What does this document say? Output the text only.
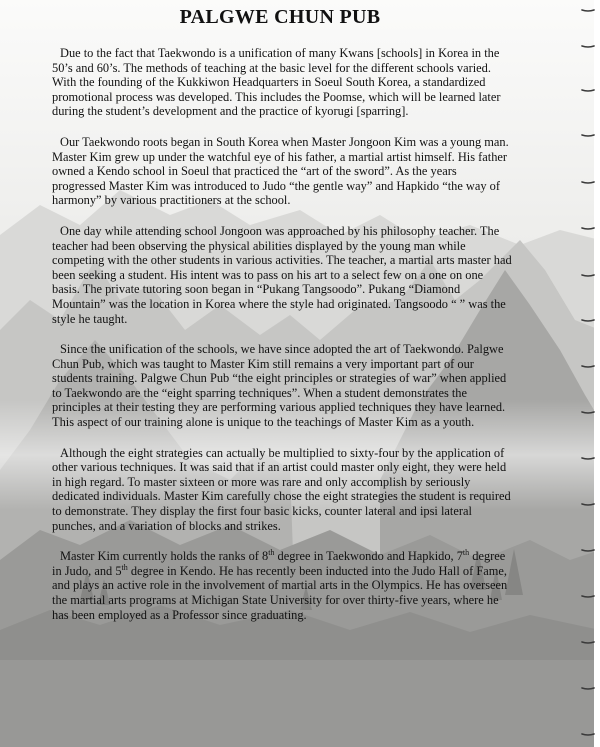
PALGWE CHUN PUB

Due to the fact that Taekwondo is a unification of many Kwans [schools] in Korea in the 50’s and 60’s. The methods of teaching at the basic level for the different schools varied. With the founding of the Kukkiwon Headquarters in Soeul South Korea, a standardized promotional process was developed. This includes the Poomse, which will be learned later during the student’s development and the practice of kyorugi [sparring].

Our Taekwondo roots began in South Korea when Master Jongoon Kim was a young man. Master Kim grew up under the watchful eye of his father, a martial artist himself. His father owned a Kendo school in Soeul that practiced the “art of the sword”. As the years progressed Master Kim was introduced to Judo “the gentle way” and Hapkido “the way of harmony” by various practitioners at the school.

One day while attending school Jongoon was approached by his philosophy teacher. The teacher had been observing the physical abilities displayed by the young man while competing with the other students in various activities. The teacher, a martial arts master had been seeking a student. His intent was to pass on his art to a select few on a one on one basis. The private tutoring soon began in “Pukang Tangsoodo”. Pukang “Diamond Mountain” was the location in Korea where the style had originated. Tangsoodo “ ” was the style he taught.

Since the unification of the schools, we have since adopted the art of Taekwondo. Palgwe Chun Pub, which was taught to Master Kim still remains a very important part of our students training. Palgwe Chun Pub “the eight principles or strategies of war” when applied to Taekwondo are the “eight sparring techniques”. When a student demonstrates the principles at their testing they are performing various applied techniques they have learned. This aspect of our training alone is unique to the teachings of Master Kim as a youth.

Although the eight strategies can actually be multiplied to sixty-four by the application of other various techniques. It was said that if an artist could master only eight, they were held in high regard. To master sixteen or more was rare and only accomplish by seriously dedicated individuals. Master Kim carefully chose the eight strategies the student is required to demonstrate. They display the first four basic kicks, counter lateral and ipsi lateral punches, and a variation of blocks and strikes.

Master Kim currently holds the ranks of 8th degree in Taekwondo and Hapkido, 7th degree in Judo, and 5th degree in Kendo. He has recently been inducted into the Judo Hall of Fame, and plays an active role in the involvement of martial arts in the Olympics. He has overseen the martial arts programs at Michigan State University for over thirty-five years, where he has been employed as a Professor since graduating.
